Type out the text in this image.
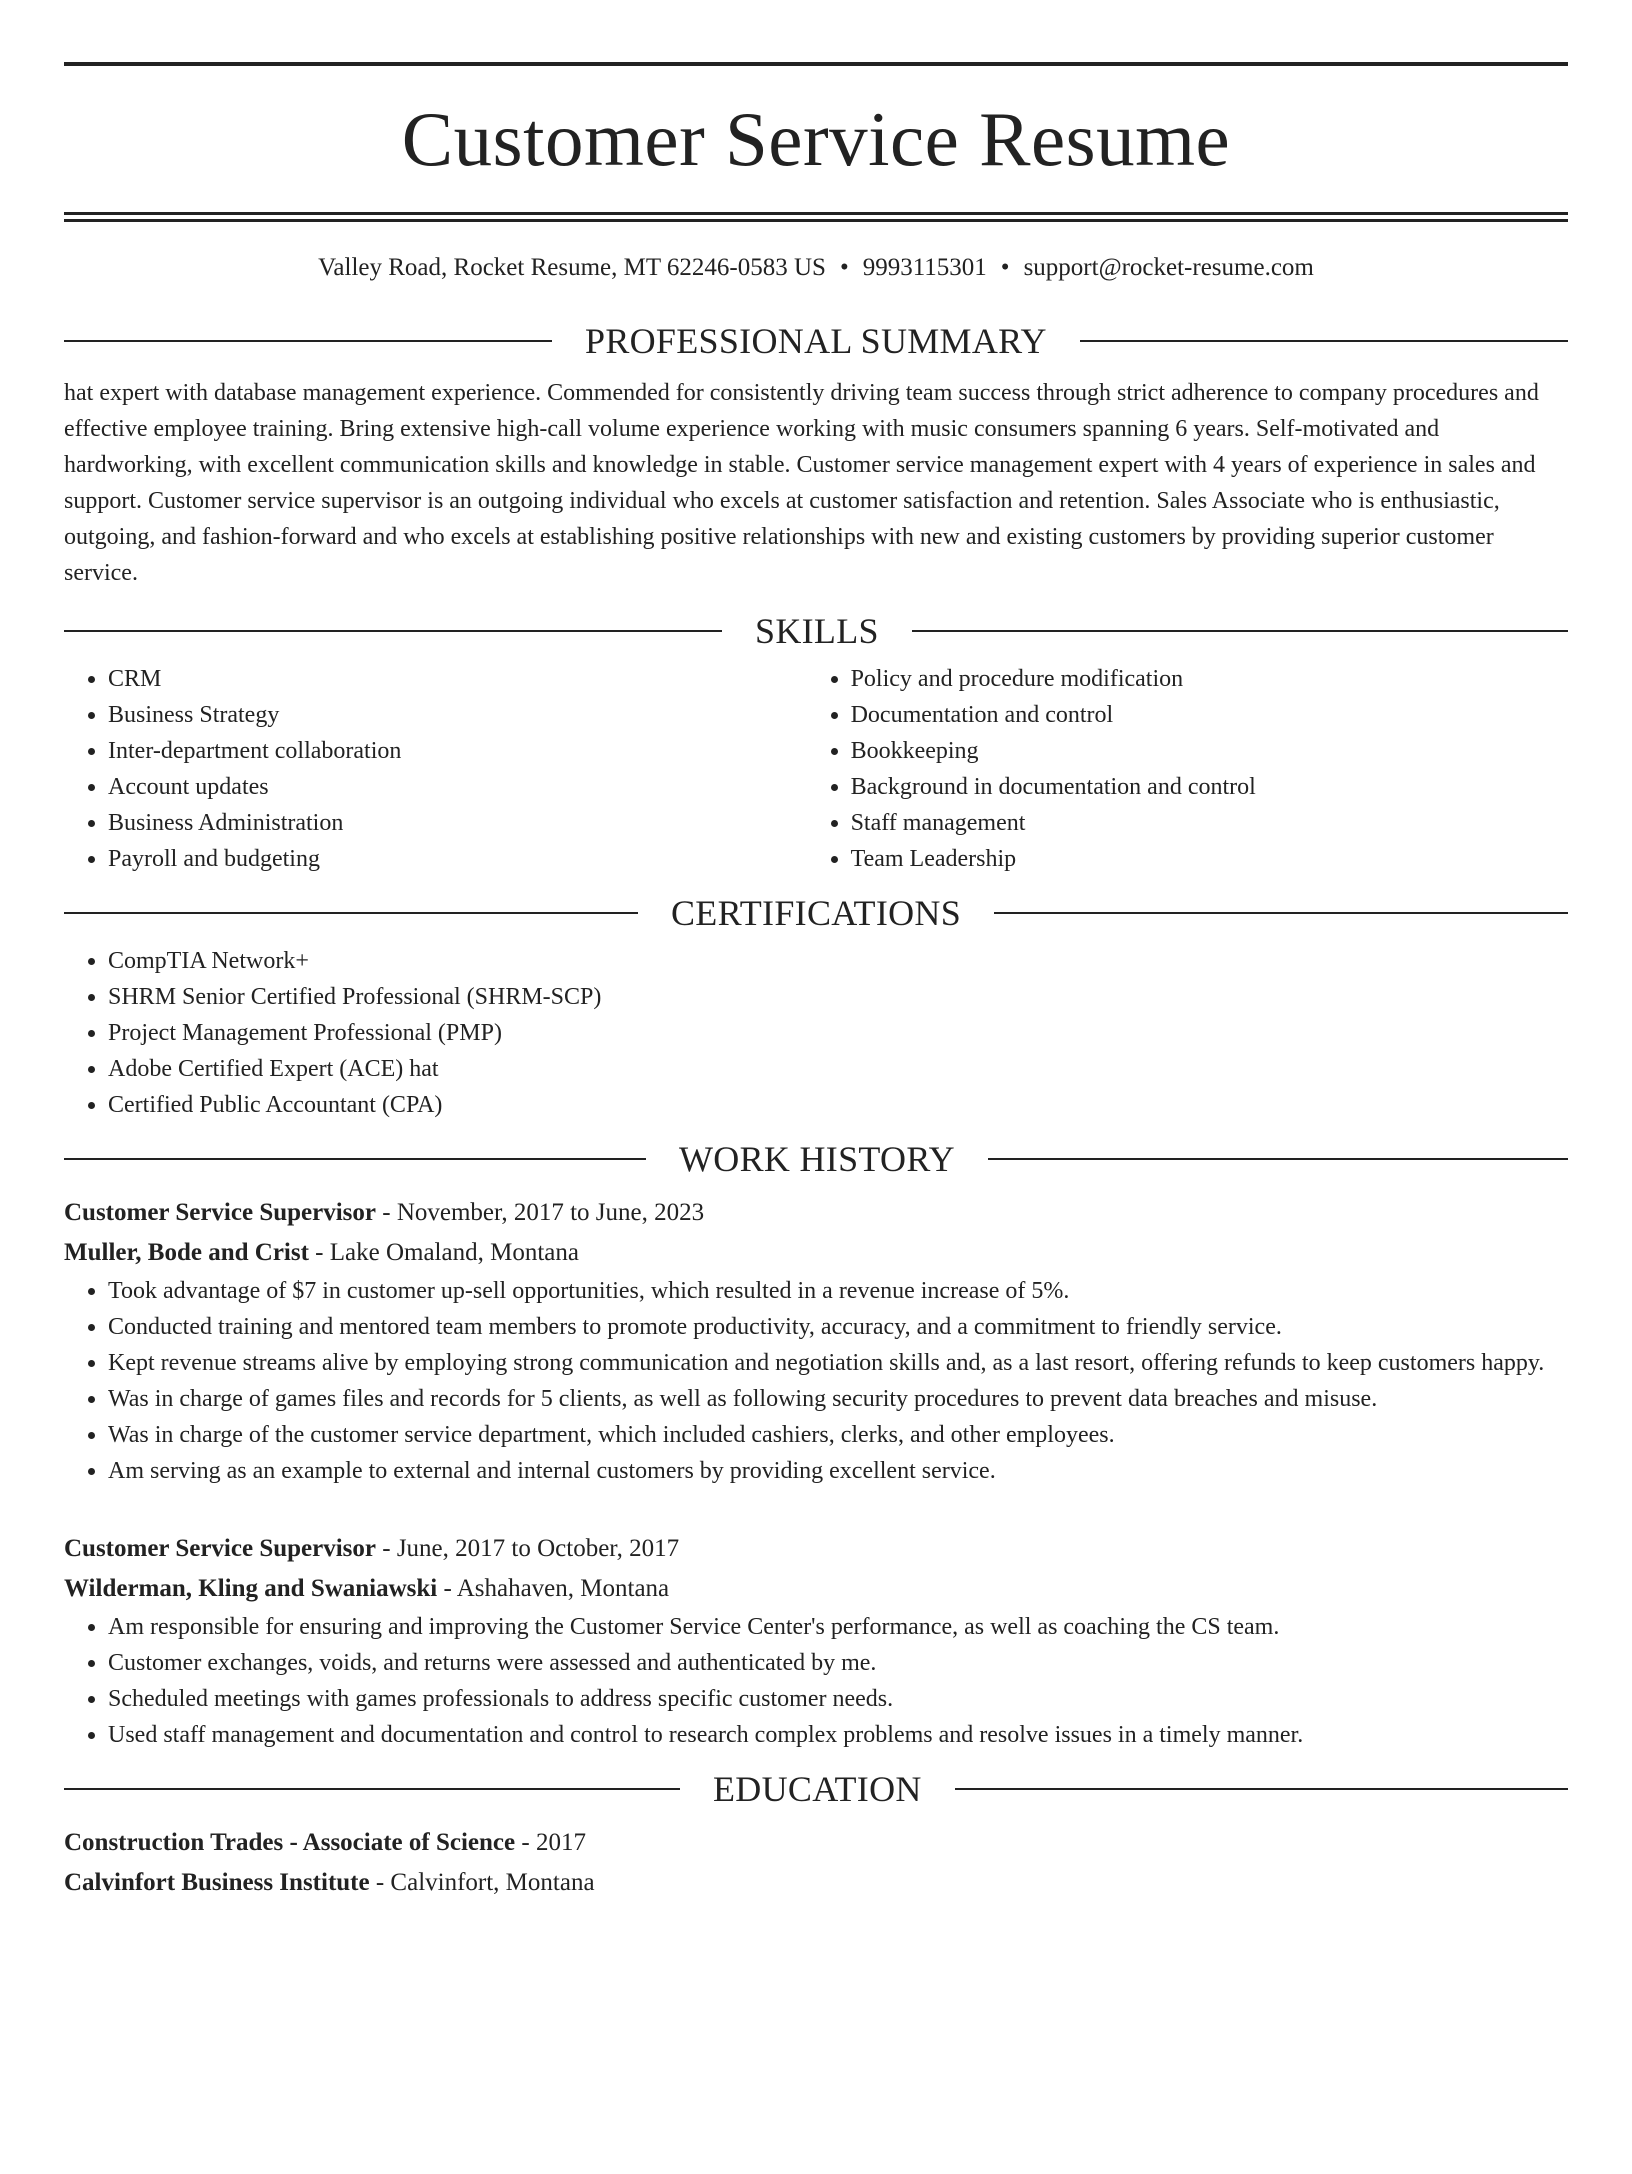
Customer Service Resume
Valley Road, Rocket Resume, MT 62246-0583 US • 9993115301 • support@rocket-resume.com
PROFESSIONAL SUMMARY

hat expert with database management experience. Commended for consistently driving team success through strict adherence to company procedures and effective employee training. Bring extensive high-call volume experience working with music consumers spanning 6 years. Self-motivated and hardworking, with excellent communication skills and knowledge in stable. Customer service management expert with 4 years of experience in sales and support. Customer service supervisor is an outgoing individual who excels at customer satisfaction and retention. Sales Associate who is enthusiastic, outgoing, and fashion-forward and who excels at establishing positive relationships with new and existing customers by providing superior customer service.

SKILLS
• CRM
• Business Strategy
• Inter-department collaboration
• Account updates
• Business Administration
• Payroll and budgeting
• Policy and procedure modification
• Documentation and control
• Bookkeeping
• Background in documentation and control
• Staff management
• Team Leadership
CERTIFICATIONS
• CompTIA Network+
• SHRM Senior Certified Professional (SHRM-SCP)
• Project Management Professional (PMP)
• Adobe Certified Expert (ACE) hat
• Certified Public Accountant (CPA)
WORK HISTORY
Customer Service Supervisor - November, 2017 to June, 2023
Muller, Bode and Crist - Lake Omaland, Montana
• Took advantage of $7 in customer up-sell opportunities, which resulted in a revenue increase of 5%.
• Conducted training and mentored team members to promote productivity, accuracy, and a commitment to friendly service.
• Kept revenue streams alive by employing strong communication and negotiation skills and, as a last resort, offering refunds to keep customers happy.
• Was in charge of games files and records for 5 clients, as well as following security procedures to prevent data breaches and misuse.
• Was in charge of the customer service department, which included cashiers, clerks, and other employees.
• Am serving as an example to external and internal customers by providing excellent service.
Customer Service Supervisor - June, 2017 to October, 2017
Wilderman, Kling and Swaniawski - Ashahaven, Montana
• Am responsible for ensuring and improving the Customer Service Center's performance, as well as coaching the CS team.
• Customer exchanges, voids, and returns were assessed and authenticated by me.
• Scheduled meetings with games professionals to address specific customer needs.
• Used staff management and documentation and control to research complex problems and resolve issues in a timely manner.
EDUCATION
Construction Trades - Associate of Science - 2017
Calvinfort Business Institute - Calvinfort, Montana
